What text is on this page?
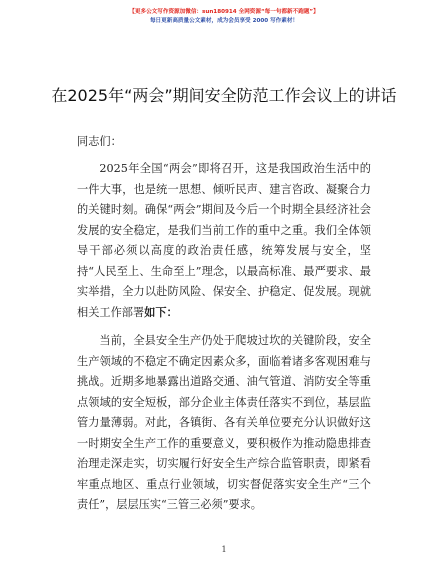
【更多公文写作资源加微信：sun180914 全网资源“每一句都新不跑题”】
每日更新高质量公文素材，成为会员享受 2000 写作素材！
在2025年“两会”期间安全防范工作会议上的讲话

同志们：

2025年全国“两会”即将召开，这是我国政治生活中的一件大事，也是统一思想、倾听民声、建言咨政、凝聚合力的关键时刻。确保“两会”期间及今后一个时期全县经济社会发展的安全稳定，是我们当前工作的重中之重。我们全体领导干部必须以高度的政治责任感，统筹发展与安全，坚持“人民至上、生命至上”理念，以最高标准、最严要求、最实举措，全力以赴防风险、保安全、护稳定、促发展。现就相关工作部署如下：

当前，全县安全生产仍处于爬坡过坎的关键阶段，安全生产领域的不稳定不确定因素众多，面临着诸多客观困难与挑战。近期多地暴露出道路交通、油气管道、消防安全等重点领域的安全短板，部分企业主体责任落实不到位，基层监管力量薄弱。对此，各镇街、各有关单位要充分认识做好这一时期安全生产工作的重要意义，要积极作为推动隐患排查治理走深走实，切实履行好安全生产综合监管职责，即紧看牢重点地区、重点行业领域，切实督促落实安全生产“三个责任”，层层压实“三管三必须”要求。

1
